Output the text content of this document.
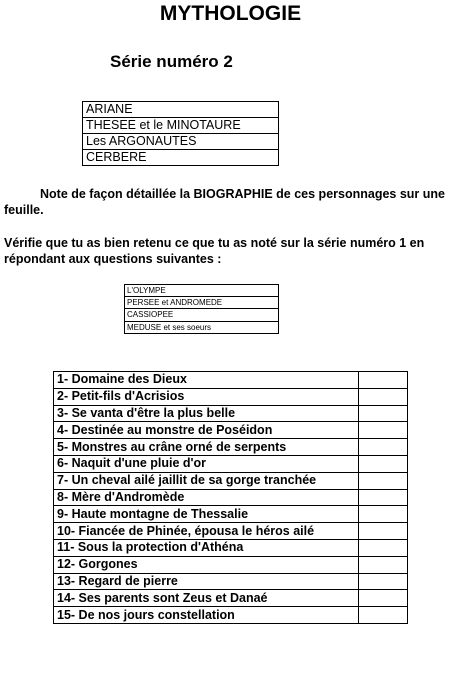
MYTHOLOGIE
Série numéro 2
ARIANE
THESEE et le MINOTAURE
Les ARGONAUTES
CERBERE
Note de façon détaillée la BIOGRAPHIE de ces personnages sur une feuille.
Vérifie que tu as bien retenu ce que tu as noté sur la série numéro 1 en répondant aux questions suivantes :
L'OLYMPE
PERSEE et ANDROMEDE
CASSIOPEE
MEDUSE et ses soeurs
1- Domaine des Dieux	
2- Petit-fils d'Acrisios	
3- Se vanta d'être la plus belle	
4- Destinée au monstre de Poséidon	
5- Monstres au crâne orné de serpents	
6- Naquit d'une pluie d'or	
7- Un cheval ailé jaillit de sa gorge tranchée	
8- Mère d'Andromède	
9- Haute montagne de Thessalie	
10- Fiancée de Phinée, épousa le héros ailé	
11- Sous la protection d'Athéna	
12- Gorgones	
13- Regard de pierre	
14- Ses parents sont Zeus et Danaé	
15- De nos jours constellation	
